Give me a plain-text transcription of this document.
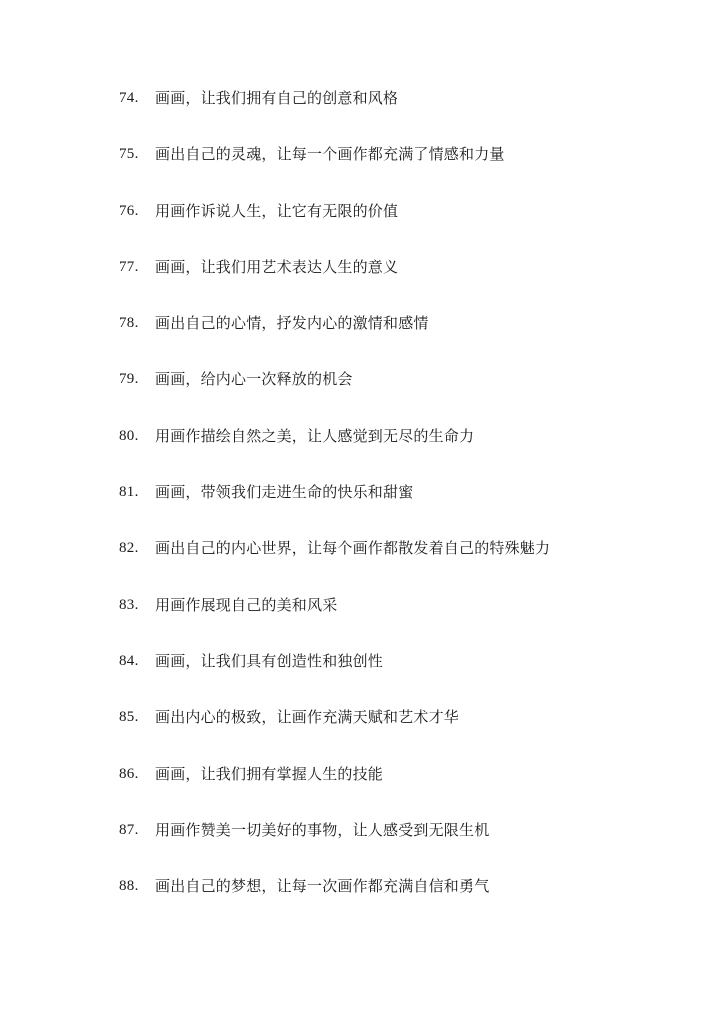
74.	画画，让我们拥有自己的创意和风格
75.	画出自己的灵魂，让每一个画作都充满了情感和力量
76.	用画作诉说人生，让它有无限的价值
77.	画画，让我们用艺术表达人生的意义
78.	画出自己的心情，抒发内心的激情和感情
79.	画画，给内心一次释放的机会
80.	用画作描绘自然之美，让人感觉到无尽的生命力
81.	画画，带领我们走进生命的快乐和甜蜜
82.	画出自己的内心世界，让每个画作都散发着自己的特殊魅力
83.	用画作展现自己的美和风采
84.	画画，让我们具有创造性和独创性
85.	画出内心的极致，让画作充满天赋和艺术才华
86.	画画，让我们拥有掌握人生的技能
87.	用画作赞美一切美好的事物，让人感受到无限生机
88.	画出自己的梦想，让每一次画作都充满自信和勇气
